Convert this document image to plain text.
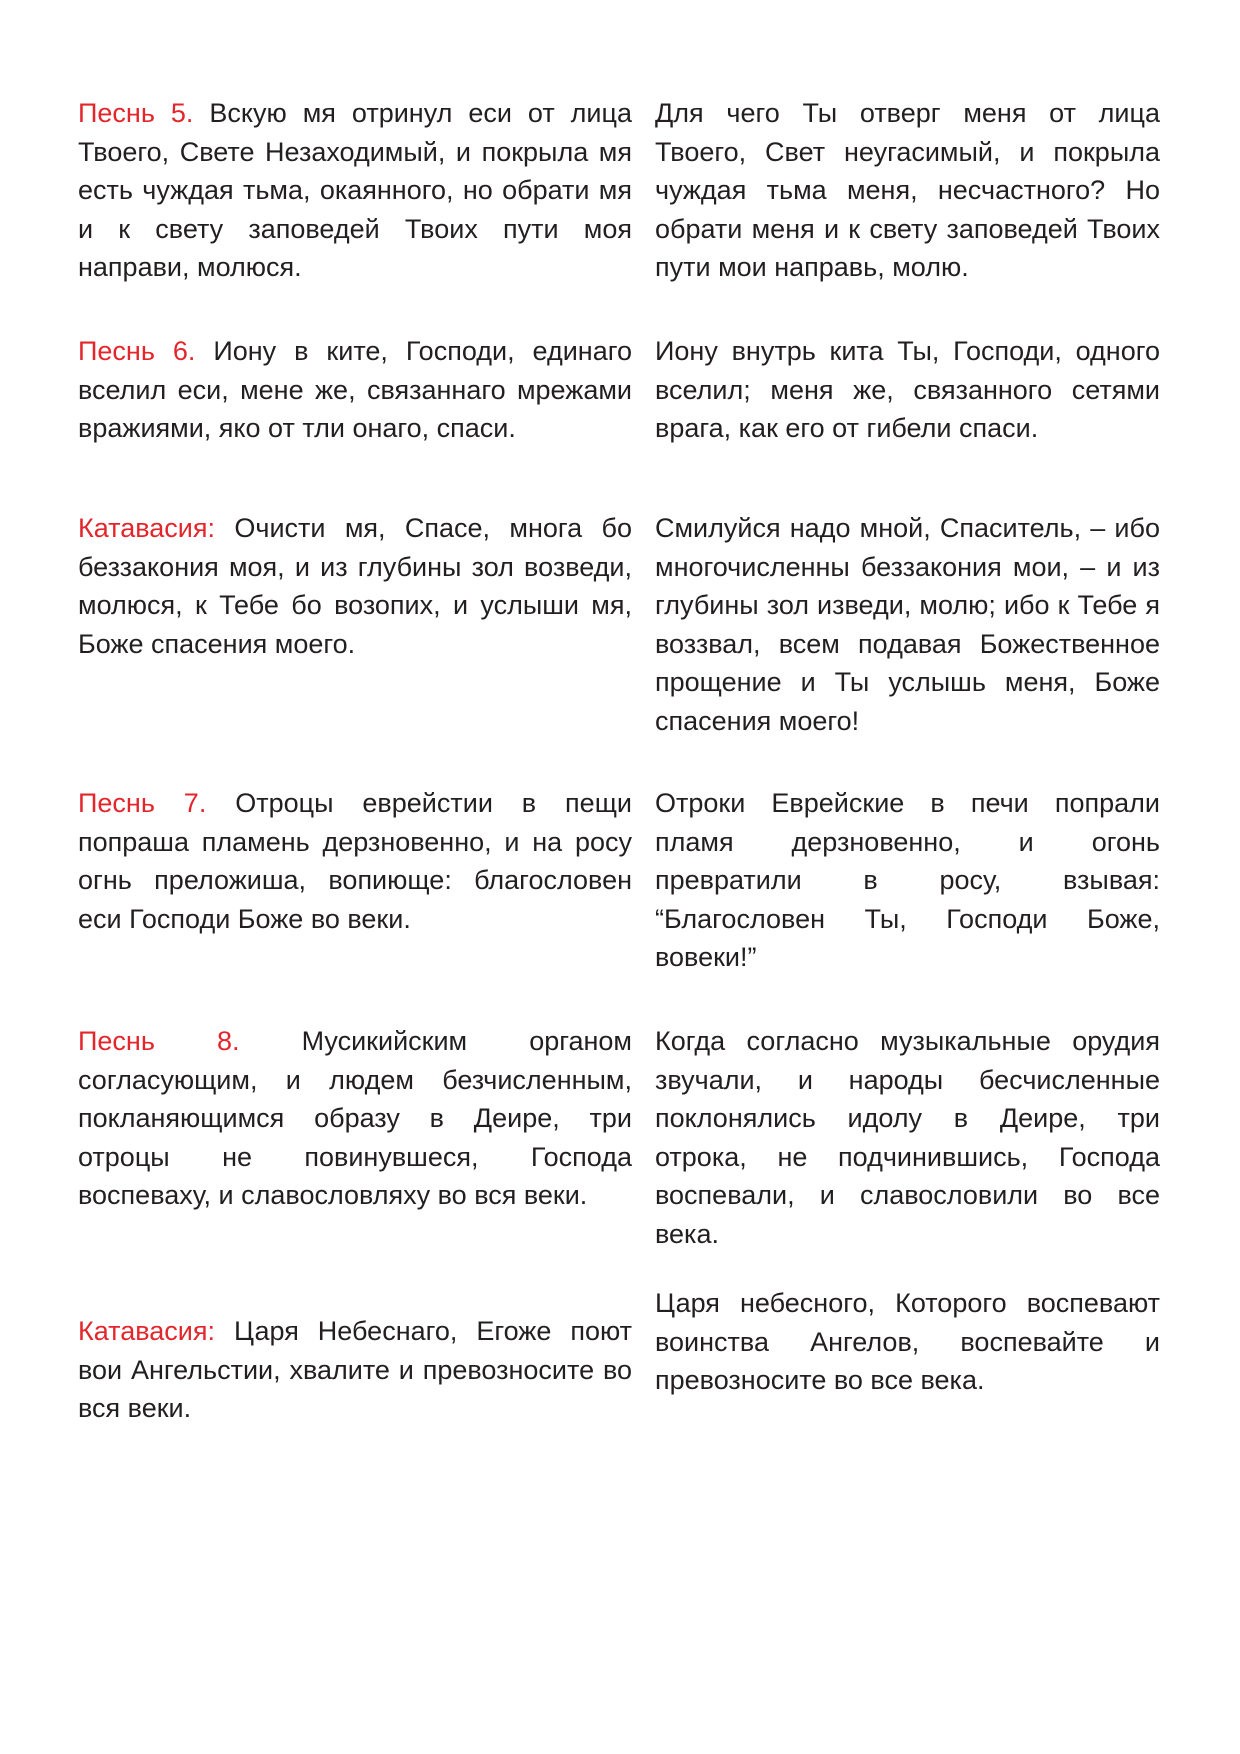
Песнь 5. Вскую мя отринул еси от лица Твоего, Свете Незаходимый, и покрыла мя есть чуждая тьма, окаянного, но обрати мя и к свету заповедей Твоих пути моя направи, молюся.

Для чего Ты отверг меня от лица Твоего, Свет неугасимый, и покрыла чуждая тьма меня, несчастного? Но обрати меня и к свету заповедей Твоих пути мои направь, молю.

Песнь 6. Иону в ките, Господи, единаго вселил еси, мене же, связаннаго мрежами вражиями, яко от тли онаго, спаси.

Иону внутрь кита Ты, Господи, одного вселил; меня же, связанного сетями врага, как его от гибели спаси.

Катавасия: Очисти мя, Спасе, многа бо беззакония моя, и из глубины зол возведи, молюся, к Тебе бо возопих, и услыши мя, Боже спасения моего.

Смилуйся надо мной, Спаситель, – ибо многочисленны беззакония мои, – и из глубины зол изведи, молю; ибо к Тебе я воззвал, всем подавая Божественное прощение и Ты услышь меня, Боже спасения моего!

Песнь 7. Отроцы еврейстии в пещи попраша пламень дерзновенно, и на росу огнь преложиша, вопиюще: благословен еси Господи Боже во веки.

Отроки Еврейские в печи попрали пламя дерзновенно, и огонь превратили в росу, взывая: “Благословен Ты, Господи Боже, вовеки!”

Песнь 8. Мусикийским органом согласующим, и людем безчисленным, покланяющимся образу в Деире, три отроцы не повинувшеся, Господа воспеваху, и славословляху во вся веки.

Когда согласно музыкальные орудия звучали, и народы бесчисленные поклонялись идолу в Деире, три отрока, не подчинившись, Господа воспевали, и славословили во все века.

Катавасия: Царя Небеснаго, Егоже поют вои Ангельстии, хвалите и превозносите во вся веки.

Царя небесного, Которого воспевают воинства Ангелов, воспевайте и превозносите во все века.
